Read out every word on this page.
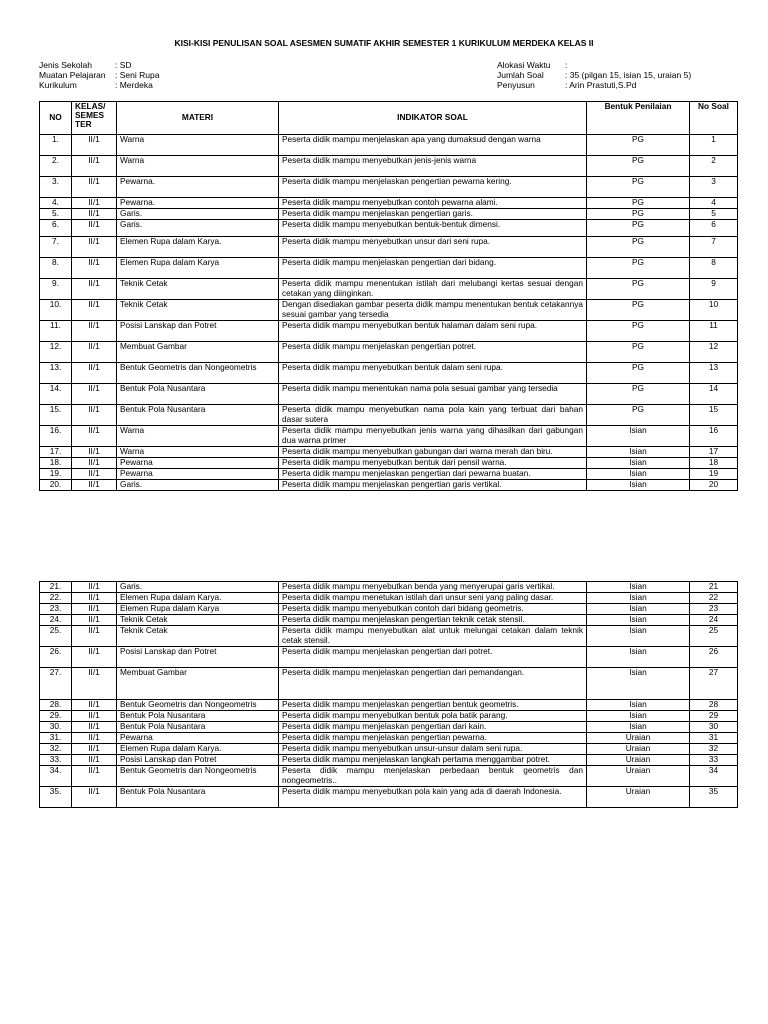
KISI-KISI PENULISAN SOAL ASESMEN SUMATIF AKHIR SEMESTER 1 KURIKULUM MERDEKA KELAS II
Jenis Sekolah	: SD
Muatan Pelajaran	: Seni Rupa
Kurikulum	: Merdeka
Alokasi Waktu	:
Jumlah Soal	: 35 (pilgan 15, isian 15, uraian 5)
Penyusun	: Arin Prastuti,S.Pd
NO	KELAS/
SEMES
TER	MATERI	INDIKATOR SOAL	Bentuk Penilaian	No Soal
1.	II/1	Warna	Peserta didik mampu menjelaskan apa yang dumaksud dengan warna	PG	1
2.	II/1	Warna	Peserta didik mampu menyebutkan jenis-jenis warna	PG	2
3.	II/1	Pewarna.	Peserta didik mampu menjelaskan pengertian pewarna kering.	PG	3
4.	II/1	Pewarna.	Peserta didik mampu menyebutkan contoh pewarna alami.	PG	4
5.	II/1	Garis.	Peserta didik mampu menjelaskan pengertian garis.	PG	5
6.	II/1	Garis.	Peserta didik mampu menyebutkan bentuk-bentuk dimensi.	PG	6
7.	II/1	Elemen Rupa dalam Karya.	Peserta didik mampu menyebutkan unsur dari seni rupa.	PG	7
8.	II/1	Elemen Rupa dalam Karya	Peserta didik mampu menjelaskan pengertian dari bidang.	PG	8
9.	II/1	Teknik Cetak	Peserta didik mampu menentukan istilah dari melubangi kertas sesuai dengan cetakan yang diinginkan.	PG	9
10.	II/1	Teknik Cetak	Dengan disediakan gambar peserta didik mampu menentukan bentuk cetakannya sesuai gambar yang tersedia	PG	10
11.	II/1	Posisi Lanskap dan Potret	Peserta didik mampu menyebutkan bentuk halaman dalam seni rupa.	PG	11
12.	II/1	Membuat Gambar	Peserta didik mampu menjelaskan pengertian potret.	PG	12
13.	II/1	Bentuk Geometris dan Nongeometris	Peserta didik mampu menyebutkan bentuk dalam seni rupa.	PG	13
14.	II/1	Bentuk Pola Nusantara	Peserta didik mampu menentukan nama pola sesuai gambar yang tersedia	PG	14
15.	II/1	Bentuk Pola Nusantara	Peserta didik mampu menyebutkan nama pola kain yang terbuat dari bahan dasar sutera	PG	15
16.	II/1	Warna	Peserta didik mampu menyebutkan jenis warna yang dihasilkan dari gabungan dua warna primer	Isian	16
17.	II/1	Warna	Peserta didik mampu menyebutkan gabungan dari warna merah dan biru.	Isian	17
18.	II/1	Pewarna	Peserta didik mampu menyebutkan bentuk dari pensil warna.	Isian	18
19.	II/1	Pewarna	Peserta didik mampu menjelaskan pengertian dari pewarna buatan.	Isian	19
20.	II/1	Garis.	Peserta didik mampu menjelaskan pengertian garis vertikal.	Isian	20
21.	II/1	Garis.	Peserta didik mampu menyebutkan benda yang menyerupai garis vertikal.	Isian	21
22.	II/1	Elemen Rupa dalam Karya.	Peserta didik mampu menetukan istilah dari unsur seni yang paling dasar.	Isian	22
23.	II/1	Elemen Rupa dalam Karya	Peserta didik mampu menyebutkan contoh dari bidang geometris.	Isian	23
24.	II/1	Teknik Cetak	Peserta didik mampu menjelaskan pengertian teknik cetak stensil.	Isian	24
25.	II/1	Teknik Cetak	Peserta didik mampu menyebutkan alat untuk melungai cetakan dalam teknik cetak stensil.	Isian	25
26.	II/1	Posisi Lanskap dan Potret	Peserta didik mampu menjelaskan pengertian dari potret.	Isian	26
27.	II/1	Membuat Gambar	Peserta didik mampu menjelaskan pengertian dari pemandangan.	Isian	27
28.	II/1	Bentuk Geometris dan Nongeometris	Peserta didik mampu menjelaskan pengertian bentuk geometris.	Isian	28
29.	II/1	Bentuk Pola Nusantara	Peserta didik mampu menyebutkan bentuk pola batik parang.	Isian	29
30.	II/1	Bentuk Pola Nusantara	Peserta didik mampu menjelaskan pengertian dari kain.	Isian	30
31.	II/1	Pewarna	Peserta didik mampu menjelaskan pengertian pewarna.	Uraian	31
32.	II/1	Elemen Rupa dalam Karya.	Peserta didik mampu menyebutkan unsur-unsur dalam seni rupa.	Uraian	32
33.	II/1	Posisi Lanskap dan Potret	Peserta didik mampu menjelaskan langkah pertama menggambar potret.	Uraian	33
34.	II/1	Bentuk Geometris dan Nongeometris	Peserta didik mampu menjelaskan perbedaan bentuk geometris dan nongeometris..	Uraian	34
35.	II/1	Bentuk Pola Nusantara	Peserta didik mampu menyebutkan pola kain yang ada di daerah Indonesia.	Uraian	35
